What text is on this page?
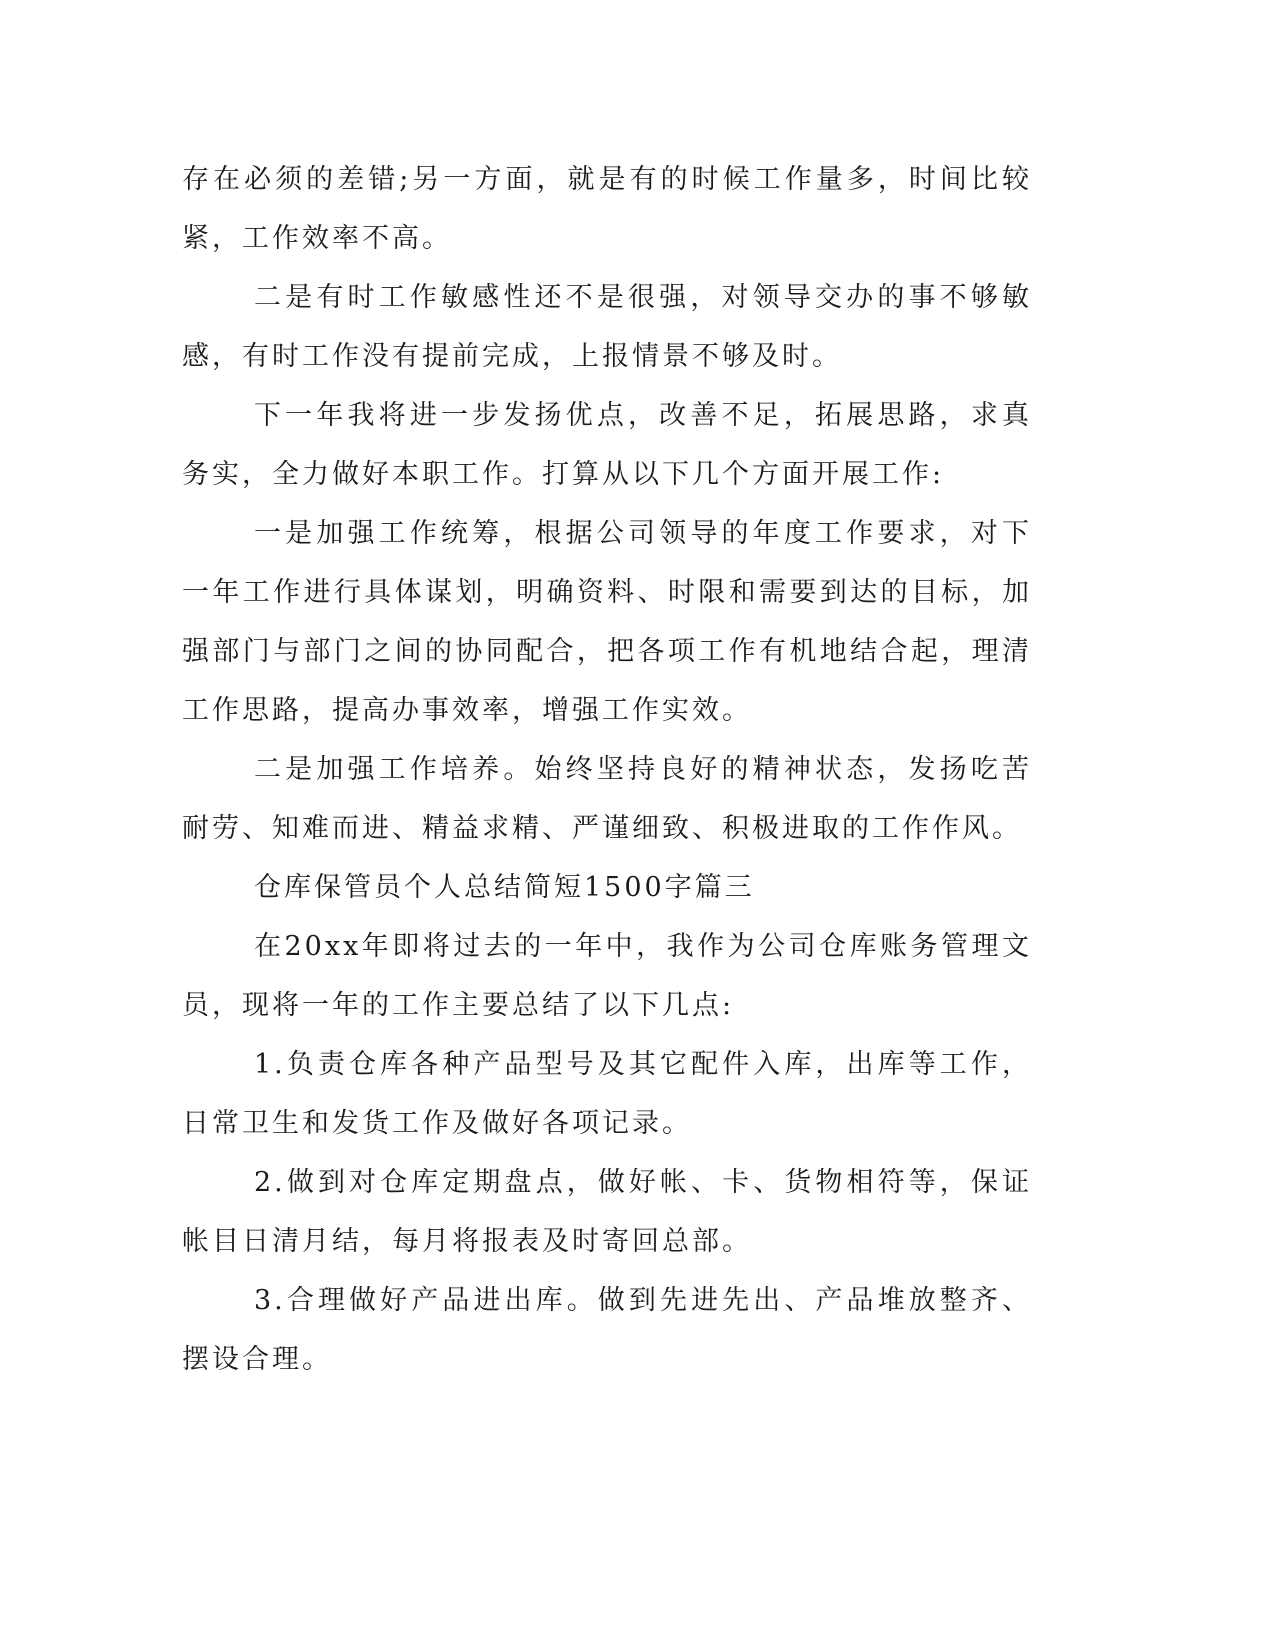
存在必须的差错;另一方面，就是有的时候工作量多，时间比较紧，工作效率不高。

二是有时工作敏感性还不是很强，对领导交办的事不够敏感，有时工作没有提前完成，上报情景不够及时。

下一年我将进一步发扬优点，改善不足，拓展思路，求真务实，全力做好本职工作。打算从以下几个方面开展工作:

一是加强工作统筹，根据公司领导的年度工作要求，对下一年工作进行具体谋划，明确资料、时限和需要到达的目标，加强部门与部门之间的协同配合，把各项工作有机地结合起，理清工作思路，提高办事效率，增强工作实效。

二是加强工作培养。始终坚持良好的精神状态，发扬吃苦耐劳、知难而进、精益求精、严谨细致、积极进取的工作作风。

仓库保管员个人总结简短1500字篇三

在20xx年即将过去的一年中，我作为公司仓库账务管理文员，现将一年的工作主要总结了以下几点:

1.负责仓库各种产品型号及其它配件入库，出库等工作，日常卫生和发货工作及做好各项记录。

2.做到对仓库定期盘点，做好帐、卡、货物相符等，保证帐目日清月结，每月将报表及时寄回总部。

3.合理做好产品进出库。做到先进先出、产品堆放整齐、摆设合理。
